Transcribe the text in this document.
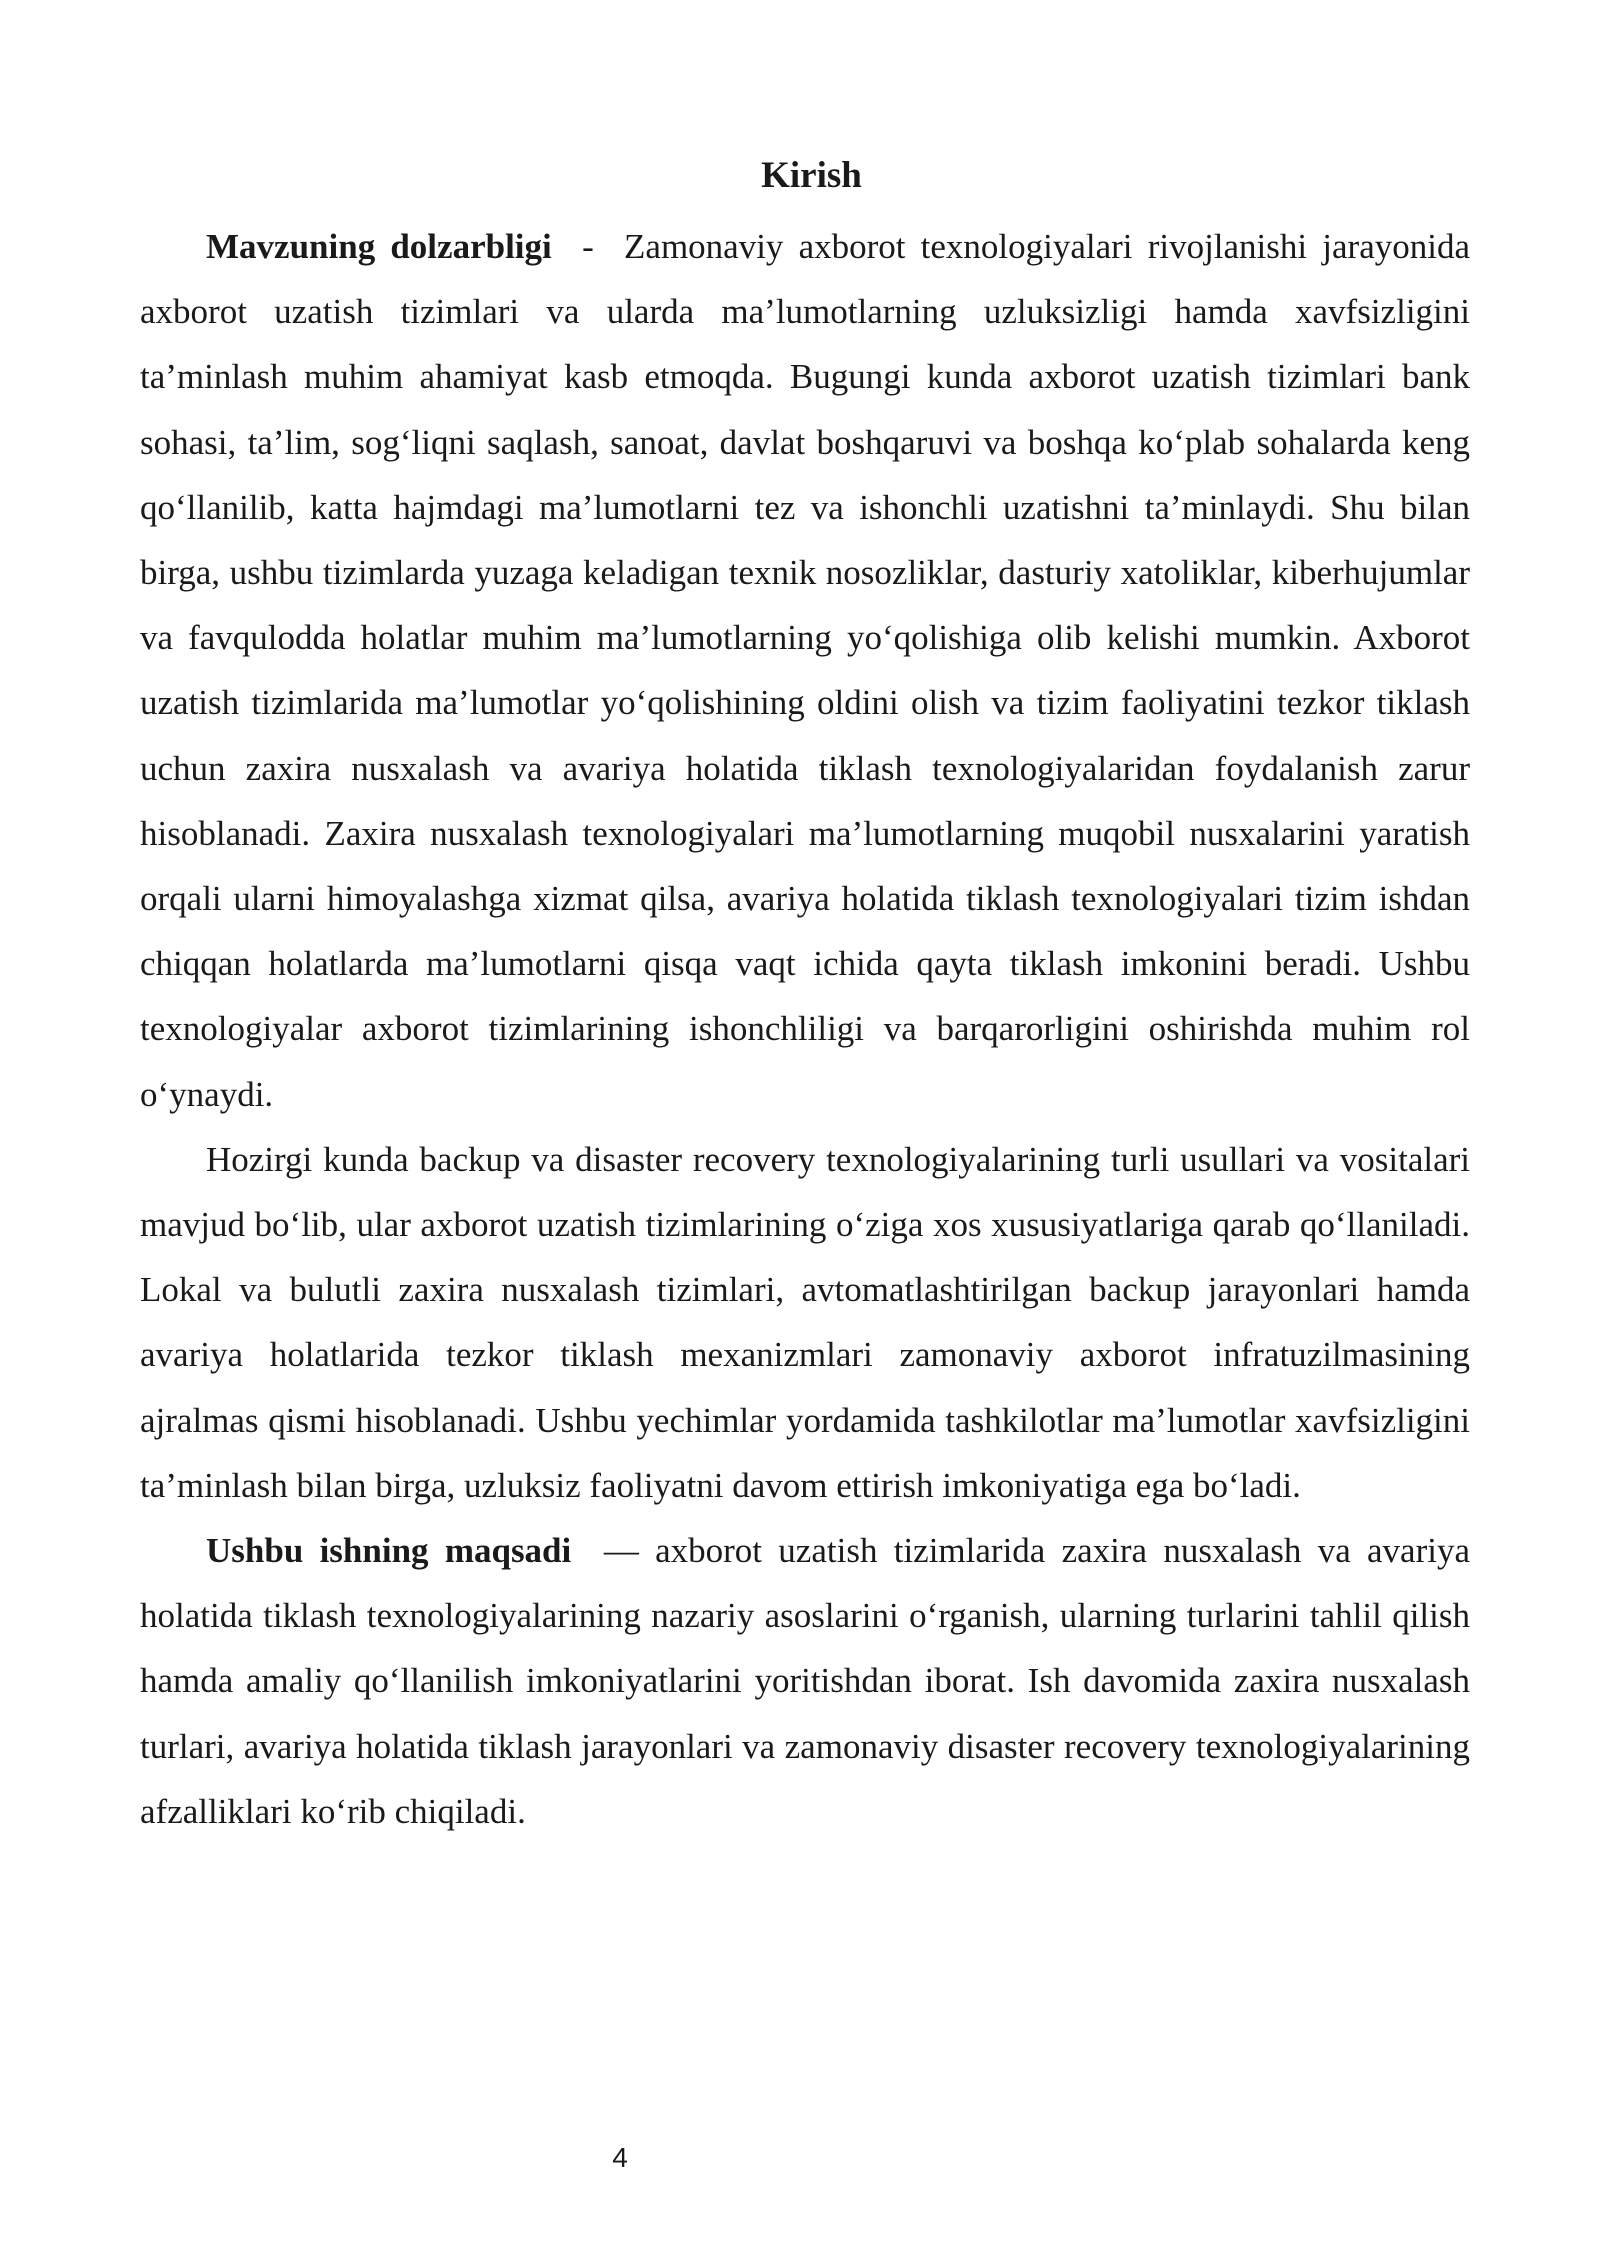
Kirish

Mavzuning dolzarbligi  -  Zamonaviy axborot texnologiyalari rivojlanishi jarayonida axborot uzatish tizimlari va ularda ma’lumotlarning uzluksizligi hamda xavfsizligini ta’minlash muhim ahamiyat kasb etmoqda. Bugungi kunda axborot uzatish tizimlari bank sohasi, ta’lim, sog‘liqni saqlash, sanoat, davlat boshqaruvi va boshqa ko‘plab sohalarda keng qo‘llanilib, katta hajmdagi ma’lumotlarni tez va ishonchli uzatishni ta’minlaydi. Shu bilan birga, ushbu tizimlarda yuzaga keladigan texnik nosozliklar, dasturiy xatoliklar, kiberhujumlar va favqulodda holatlar muhim ma’lumotlarning yo‘qolishiga olib kelishi mumkin. Axborot uzatish tizimlarida ma’lumotlar yo‘qolishining oldini olish va tizim faoliyatini tezkor tiklash uchun zaxira nusxalash va avariya holatida tiklash texnologiyalaridan foydalanish zarur hisoblanadi. Zaxira nusxalash texnologiyalari ma’lumotlarning muqobil nusxalarini yaratish orqali ularni himoyalashga xizmat qilsa, avariya holatida tiklash texnologiyalari tizim ishdan chiqqan holatlarda ma’lumotlarni qisqa vaqt ichida qayta tiklash imkonini beradi. Ushbu texnologiyalar axborot tizimlarining ishonchliligi va barqarorligini oshirishda muhim rol o‘ynaydi.

Hozirgi kunda backup va disaster recovery texnologiyalarining turli usullari va vositalari mavjud bo‘lib, ular axborot uzatish tizimlarining o‘ziga xos xususiyatlariga qarab qo‘llaniladi. Lokal va bulutli zaxira nusxalash tizimlari, avtomatlashtirilgan backup jarayonlari hamda avariya holatlarida tezkor tiklash mexanizmlari zamonaviy axborot infratuzilmasining ajralmas qismi hisoblanadi. Ushbu yechimlar yordamida tashkilotlar ma’lumotlar xavfsizligini ta’minlash bilan birga, uzluksiz faoliyatni davom ettirish imkoniyatiga ega bo‘ladi.

Ushbu ishning maqsadi  — axborot uzatish tizimlarida zaxira nusxalash va avariya holatida tiklash texnologiyalarining nazariy asoslarini o‘rganish, ularning turlarini tahlil qilish hamda amaliy qo‘llanilish imkoniyatlarini yoritishdan iborat. Ish davomida zaxira nusxalash turlari, avariya holatida tiklash jarayonlari va zamonaviy disaster recovery texnologiyalarining afzalliklari ko‘rib chiqiladi.

4
